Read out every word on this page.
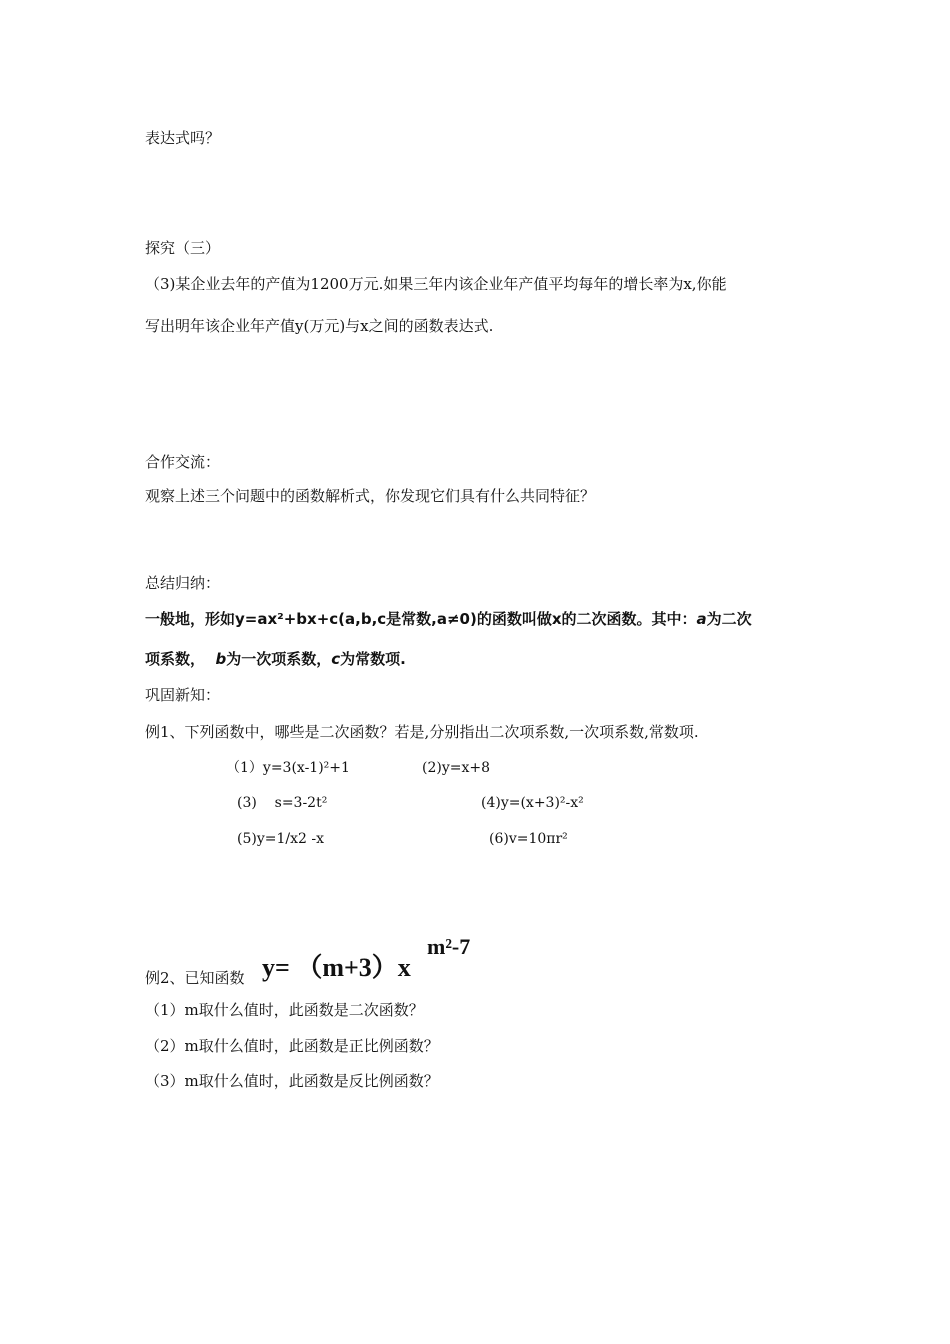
表达式吗？
探究（三）
（3)某企业去年的产值为1200万元.如果三年内该企业年产值平均每年的增长率为x,你能
写出明年该企业年产值y(万元)与x之间的函数表达式.
合作交流：
观察上述三个问题中的函数解析式，你发现它们具有什么共同特征？
总结归纳：
一般地，形如y=ax²+bx+c(a,b,c是常数,a≠0)的函数叫做x的二次函数。其中：a为二次
项系数， b为一次项系数，c为常数项.
巩固新知：
例1、下列函数中，哪些是二次函数？若是,分别指出二次项系数,一次项系数,常数项.
（1）y=3(x-1)²+1	(2)y=x+8
(3)    s=3-2t²	(4)y=(x+3)²-x²
(5)y=1/x2 -x	(6)v=10πr²
例2、已知函数 y= （m+3）x
m²-7
（1）m取什么值时，此函数是二次函数？
（2）m取什么值时，此函数是正比例函数？
（3）m取什么值时，此函数是反比例函数？
